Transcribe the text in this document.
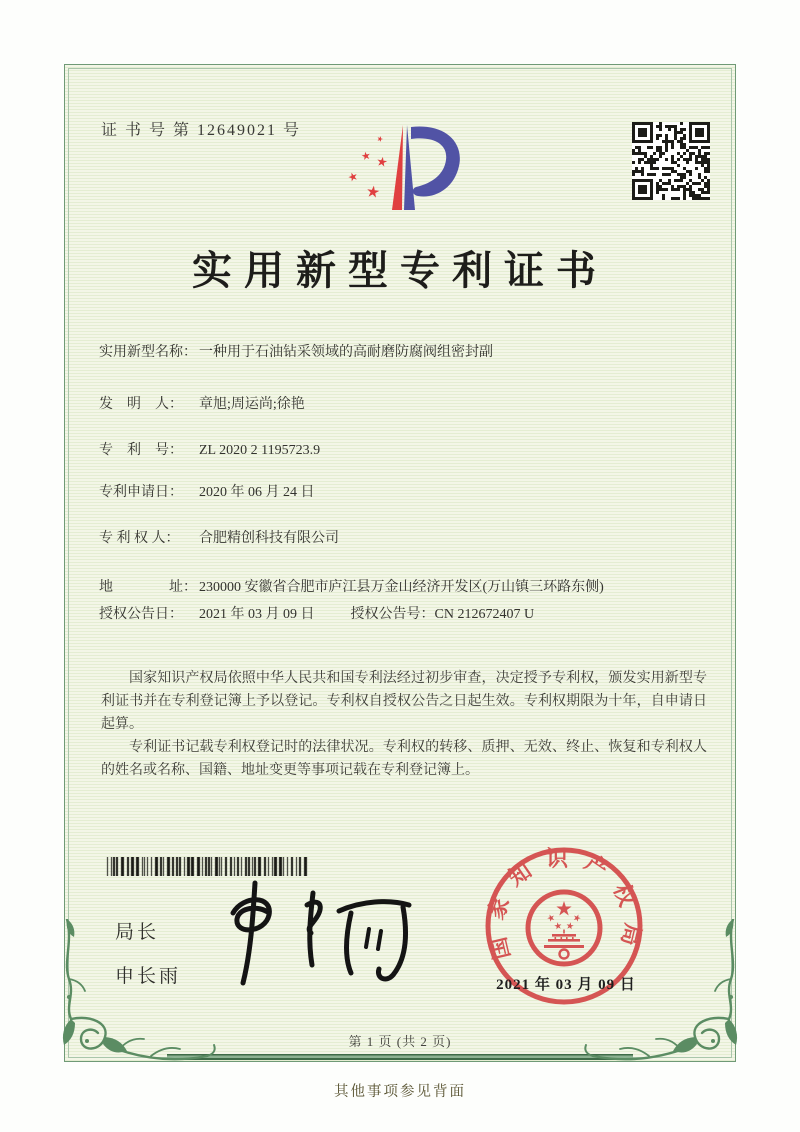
证 书 号 第 12649021 号
实用新型专利证书
实用新型名称： 一种用于石油钻采领域的高耐磨防腐阀组密封副
发　明　人： 章旭;周运尚;徐艳
专　利　号： ZL 2020 2 1195723.9
专利申请日： 2020 年 06 月 24 日
专 利 权 人： 合肥精创科技有限公司
地　　　　址： 230000 安徽省合肥市庐江县万金山经济开发区(万山镇三环路东侧)
授权公告日： 2021 年 03 月 09 日	授权公告号：CN 212672407 U

国家知识产权局依照中华人民共和国专利法经过初步审查，决定授予专利权，颁发实用新型专利证书并在专利登记簿上予以登记。专利权自授权公告之日起生效。专利权期限为十年，自申请日起算。

专利证书记载专利权登记时的法律状况。专利权的转移、质押、无效、终止、恢复和专利权人的姓名或名称、国籍、地址变更等事项记载在专利登记簿上。

局长
申长雨
国家知识产权局
2021 年 03 月 09 日
第 1 页 (共 2 页)
其他事项参见背面
